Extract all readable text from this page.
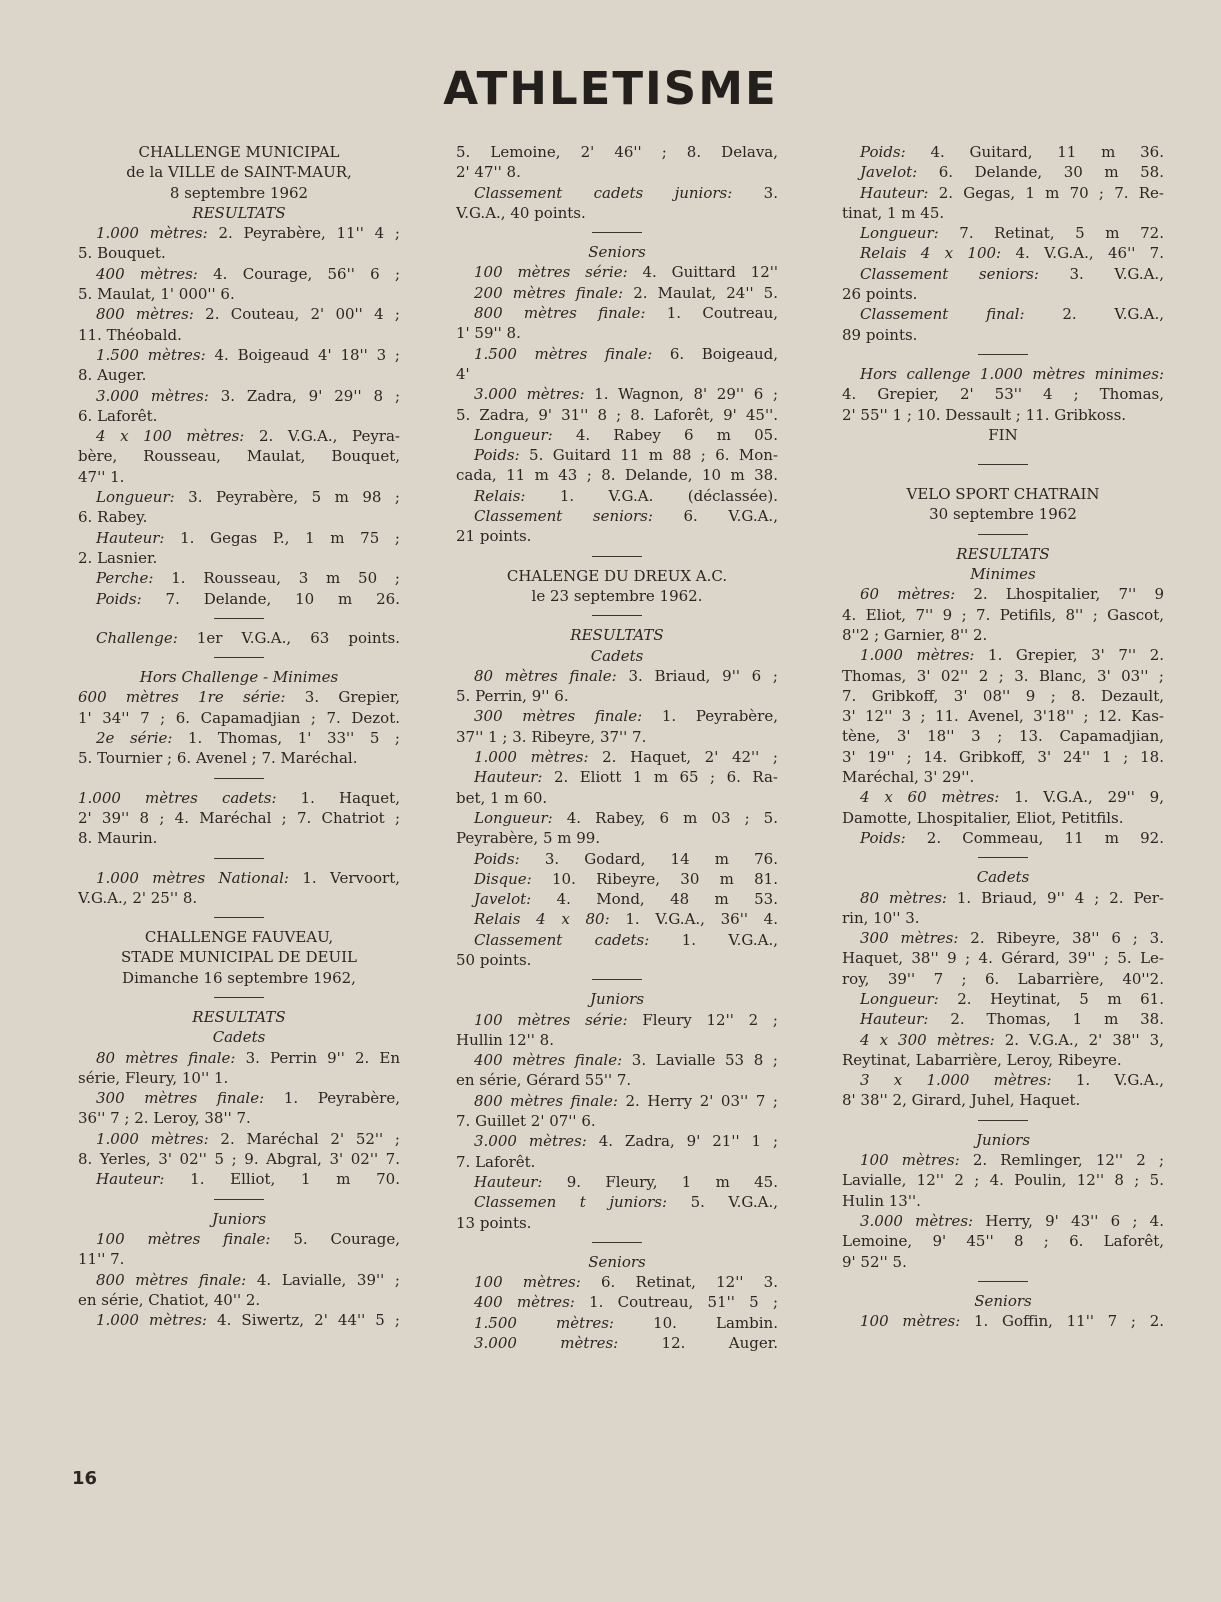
ATHLETISME
CHALLENGE MUNICIPAL
de la VILLE de SAINT-MAUR,
8 septembre 1962
RESULTATS
1.000 mètres: 2. Peyrabère, 11'' 4 ;
5. Bouquet.
400 mètres: 4. Courage, 56'' 6 ;
5. Maulat, 1' 000'' 6.
800 mètres: 2. Couteau, 2' 00'' 4 ;
11. Théobald.
1.500 mètres: 4. Boigeaud 4' 18'' 3 ;
8. Auger.
3.000 mètres: 3. Zadra, 9' 29'' 8 ;
6. Laforêt.
4 x 100 mètres: 2. V.G.A., Peyra-
bère, Rousseau, Maulat, Bouquet,
47'' 1.
Longueur: 3. Peyrabère, 5 m 98 ;
6. Rabey.
Hauteur: 1. Gegas P., 1 m 75 ;
2. Lasnier.
Perche: 1. Rousseau, 3 m 50 ;
Poids: 7. Delande, 10 m 26.
Challenge: 1er V.G.A., 63 points.
Hors Challenge - Minimes
600 mètres 1re série: 3. Grepier,
1' 34'' 7 ; 6. Capamadjian ; 7. Dezot.
2e série: 1. Thomas, 1' 33'' 5 ;
5. Tournier ; 6. Avenel ; 7. Maréchal.
1.000 mètres cadets: 1. Haquet,
2' 39'' 8 ; 4. Maréchal ; 7. Chatriot ;
8. Maurin.
1.000 mètres National: 1. Vervoort,
V.G.A., 2' 25'' 8.
CHALLENGE FAUVEAU,
STADE MUNICIPAL DE DEUIL
Dimanche 16 septembre 1962,
RESULTATS
Cadets
80 mètres finale: 3. Perrin 9'' 2. En
série, Fleury, 10'' 1.
300 mètres finale: 1. Peyrabère,
36'' 7 ; 2. Leroy, 38'' 7.
1.000 mètres: 2. Maréchal 2' 52'' ;
8. Yerles, 3' 02'' 5 ; 9. Abgral, 3' 02'' 7.
Hauteur: 1. Elliot, 1 m 70.
Juniors
100 mètres finale: 5. Courage,
11'' 7.
800 mètres finale: 4. Lavialle, 39'' ;
en série, Chatiot, 40'' 2.
1.000 mètres: 4. Siwertz, 2' 44'' 5 ;
5. Lemoine, 2' 46'' ; 8. Delava,
2' 47'' 8.
Classement cadets juniors: 3.
V.G.A., 40 points.
Seniors
100 mètres série: 4. Guittard 12''
200 mètres finale: 2. Maulat, 24'' 5.
800 mètres finale: 1. Coutreau,
1' 59'' 8.
1.500 mètres finale: 6. Boigeaud,
4'
3.000 mètres: 1. Wagnon, 8' 29'' 6 ;
5. Zadra, 9' 31'' 8 ; 8. Laforêt, 9' 45''.
Longueur: 4. Rabey 6 m 05.
Poids: 5. Guitard 11 m 88 ; 6. Mon-
cada, 11 m 43 ; 8. Delande, 10 m 38.
Relais: 1. V.G.A. (déclassée).
Classement seniors: 6. V.G.A.,
21 points.
CHALENGE DU DREUX A.C.
le 23 septembre 1962.
RESULTATS
Cadets
80 mètres finale: 3. Briaud, 9'' 6 ;
5. Perrin, 9'' 6.
300 mètres finale: 1. Peyrabère,
37'' 1 ; 3. Ribeyre, 37'' 7.
1.000 mètres: 2. Haquet, 2' 42'' ;
Hauteur: 2. Eliott 1 m 65 ; 6. Ra-
bet, 1 m 60.
Longueur: 4. Rabey, 6 m 03 ; 5.
Peyrabère, 5 m 99.
Poids: 3. Godard, 14 m 76.
Disque: 10. Ribeyre, 30 m 81.
Javelot: 4. Mond, 48 m 53.
Relais 4 x 80: 1. V.G.A., 36'' 4.
Classement cadets: 1. V.G.A.,
50 points.
Juniors
100 mètres série: Fleury 12'' 2 ;
Hullin 12'' 8.
400 mètres finale: 3. Lavialle 53 8 ;
en série, Gérard 55'' 7.
800 mètres finale: 2. Herry 2' 03'' 7 ;
7. Guillet 2' 07'' 6.
3.000 mètres: 4. Zadra, 9' 21'' 1 ;
7. Laforêt.
Hauteur: 9. Fleury, 1 m 45.
Classemen t juniors: 5. V.G.A.,
13 points.
Seniors
100 mètres: 6. Retinat, 12'' 3.
400 mètres: 1. Coutreau, 51'' 5 ;
1.500 mètres:	10. Lambin.
3.000 mètres:	12. Auger.
Poids: 4. Guitard, 11 m 36.
Javelot: 6. Delande, 30 m 58.
Hauteur: 2. Gegas, 1 m 70 ; 7. Re-
tinat, 1 m 45.
Longueur: 7. Retinat, 5 m 72.
Relais 4 x 100: 4. V.G.A., 46'' 7.
Classement seniors: 3. V.G.A.,
26 points.
Classement final:	2. V.G.A.,
89 points.
Hors callenge 1.000 mètres minimes:
4. Grepier, 2' 53'' 4 ; Thomas,
2' 55'' 1 ; 10. Dessault ; 11. Gribkoss.
FIN
VELO SPORT CHATRAIN
30 septembre 1962
RESULTATS
Minimes
60 mètres: 2. Lhospitalier, 7'' 9
4. Eliot, 7'' 9 ; 7. Petifils, 8'' ; Gascot,
8''2 ; Garnier, 8'' 2.
1.000 mètres: 1. Grepier, 3' 7'' 2.
Thomas, 3' 02'' 2 ; 3. Blanc, 3' 03'' ;
7. Gribkoff, 3' 08'' 9 ; 8. Dezault,
3' 12'' 3 ; 11. Avenel, 3'18'' ; 12. Kas-
tène, 3' 18'' 3 ; 13. Capamadjian,
3' 19'' ; 14. Gribkoff, 3' 24'' 1 ; 18.
Maréchal, 3' 29''.
4 x 60 mètres: 1. V.G.A., 29'' 9,
Damotte, Lhospitalier, Eliot, Petitfils.
Poids: 2. Commeau, 11 m 92.
Cadets
80 mètres: 1. Briaud, 9'' 4 ; 2. Per-
rin, 10'' 3.
300 mètres: 2. Ribeyre, 38'' 6 ; 3.
Haquet, 38'' 9 ; 4. Gérard, 39'' ; 5. Le-
roy, 39'' 7 ; 6. Labarrière, 40''2.
Longueur: 2. Heytinat, 5 m 61.
Hauteur: 2. Thomas, 1 m 38.
4 x 300 mètres: 2. V.G.A., 2' 38'' 3,
Reytinat, Labarrière, Leroy, Ribeyre.
3 x 1.000 mètres: 1. V.G.A.,
8' 38'' 2, Girard, Juhel, Haquet.
Juniors
100 mètres: 2. Remlinger, 12'' 2 ;
Lavialle, 12'' 2 ; 4. Poulin, 12'' 8 ; 5.
Hulin 13''.
3.000 mètres: Herry, 9' 43'' 6 ; 4.
Lemoine, 9' 45'' 8 ; 6. Laforêt,
9' 52'' 5.
Seniors
100 mètres: 1. Goffin, 11'' 7 ; 2.
16
